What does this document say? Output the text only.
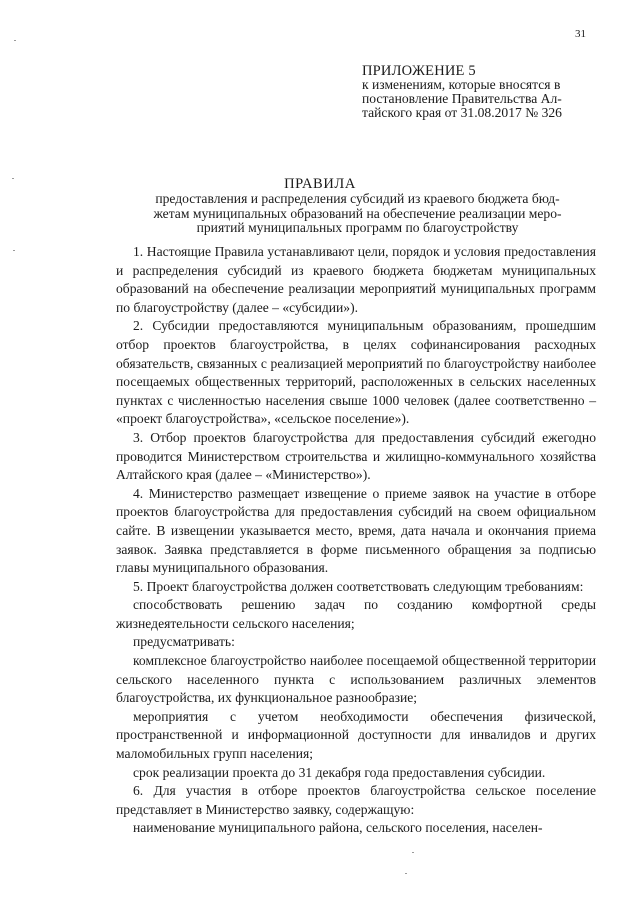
31
ПРИЛОЖЕНИЕ 5
к изменениям, которые вносятся в
постановление Правительства Ал-
тайского края от 31.08.2017 № 326
ПРАВИЛА
предоставления и распределения субсидий из краевого бюджета бюд-
жетам муниципальных образований на обеспечение реализации меро-
приятий муниципальных программ по благоустройству

1. Настоящие Правила устанавливают цели, порядок и условия предоставления и распределения субсидий из краевого бюджета бюджетам муниципальных образований на обеспечение реализации мероприятий муниципальных программ по благоустройству (далее – «субсидии»).

2. Субсидии предоставляются муниципальным образованиям, прошедшим отбор проектов благоустройства, в целях софинансирования расходных обязательств, связанных с реализацией мероприятий по благоустройству наиболее посещаемых общественных территорий, расположенных в сельских населенных пунктах с численностью населения свыше 1000 человек (далее соответственно – «проект благоустройства», «сельское поселение»).

3. Отбор проектов благоустройства для предоставления субсидий ежегодно проводится Министерством строительства и жилищно-коммунального хозяйства Алтайского края (далее – «Министерство»).

4. Министерство размещает извещение о приеме заявок на участие в отборе проектов благоустройства для предоставления субсидий на своем официальном сайте. В извещении указывается место, время, дата начала и окончания приема заявок. Заявка представляется в форме письменного обращения за подписью главы муниципального образования.

5. Проект благоустройства должен соответствовать следующим требованиям:

способствовать решению задач по созданию комфортной среды жизнедеятельности сельского населения;

предусматривать:

комплексное благоустройство наиболее посещаемой общественной территории сельского населенного пункта с использованием различных элементов благоустройства, их функциональное разнообразие;

мероприятия с учетом необходимости обеспечения физической, пространственной и информационной доступности для инвалидов и других маломобильных групп населения;

срок реализации проекта до 31 декабря года предоставления субсидии.

6. Для участия в отборе проектов благоустройства сельское поселение представляет в Министерство заявку, содержащую:

наименование муниципального района, сельского поселения, населен-
